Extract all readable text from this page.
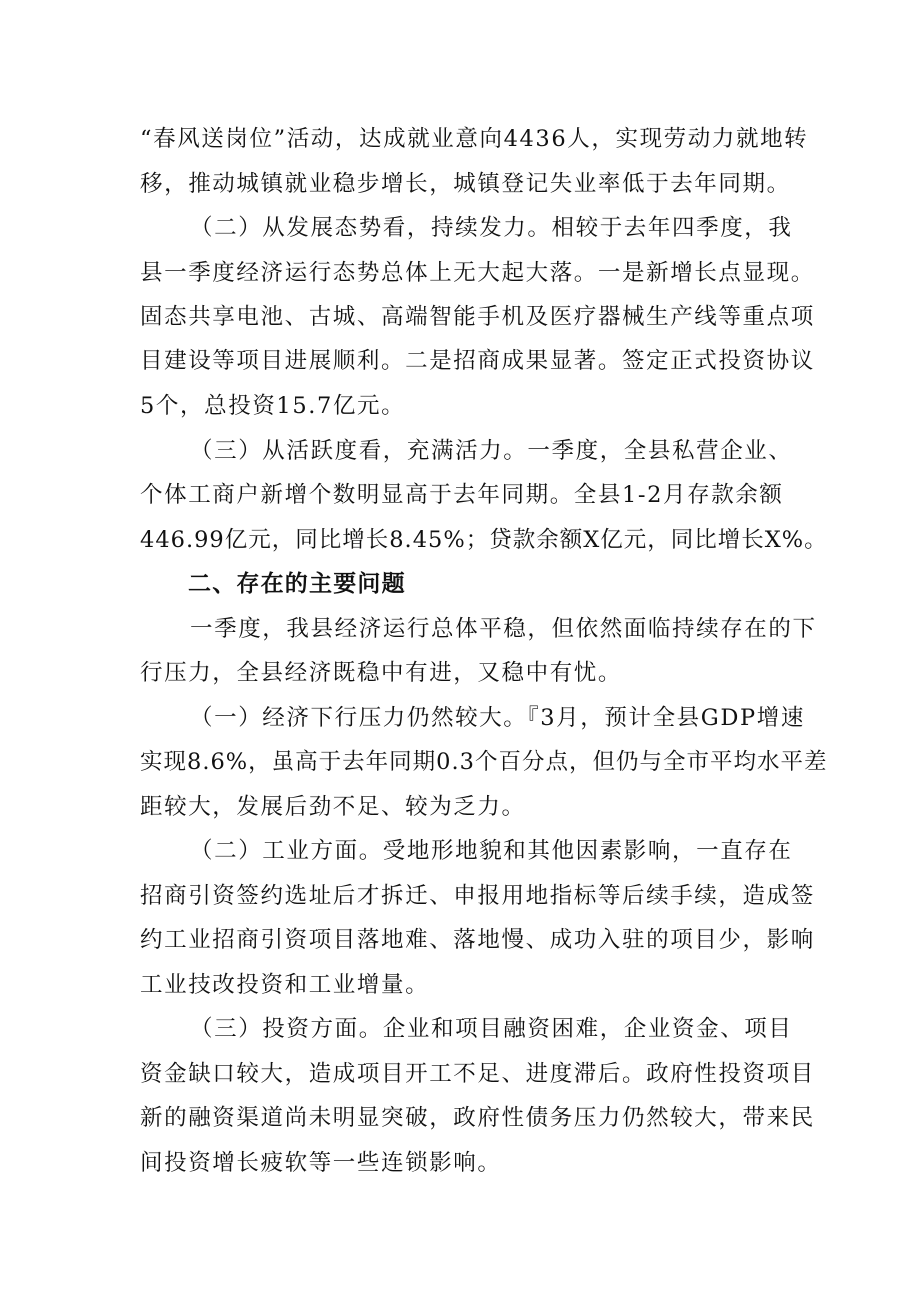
“春风送岗位”活动，达成就业意向4436人，实现劳动力就地转
移，推动城镇就业稳步增长，城镇登记失业率低于去年同期。
（二）从发展态势看，持续发力。相较于去年四季度，我
县一季度经济运行态势总体上无大起大落。一是新增长点显现。
固态共享电池、古城、高端智能手机及医疗器械生产线等重点项
目建设等项目进展顺利。二是招商成果显著。签定正式投资协议
5个，总投资15.7亿元。
（三）从活跃度看，充满活力。一季度，全县私营企业、
个体工商户新增个数明显高于去年同期。全县1-2月存款余额
446.99亿元，同比增长8.45%；贷款余额X亿元，同比增长X%。
二、存在的主要问题
一季度，我县经济运行总体平稳，但依然面临持续存在的下
行压力，全县经济既稳中有进，又稳中有忧。
（一）经济下行压力仍然较大。『3月，预计全县GDP增速
实现8.6%，虽高于去年同期0.3个百分点，但仍与全市平均水平差
距较大，发展后劲不足、较为乏力。
（二）工业方面。受地形地貌和其他因素影响，一直存在
招商引资签约选址后才拆迁、申报用地指标等后续手续，造成签
约工业招商引资项目落地难、落地慢、成功入驻的项目少，影响
工业技改投资和工业增量。
（三）投资方面。企业和项目融资困难，企业资金、项目
资金缺口较大，造成项目开工不足、进度滞后。政府性投资项目
新的融资渠道尚未明显突破，政府性债务压力仍然较大，带来民
间投资增长疲软等一些连锁影响。
